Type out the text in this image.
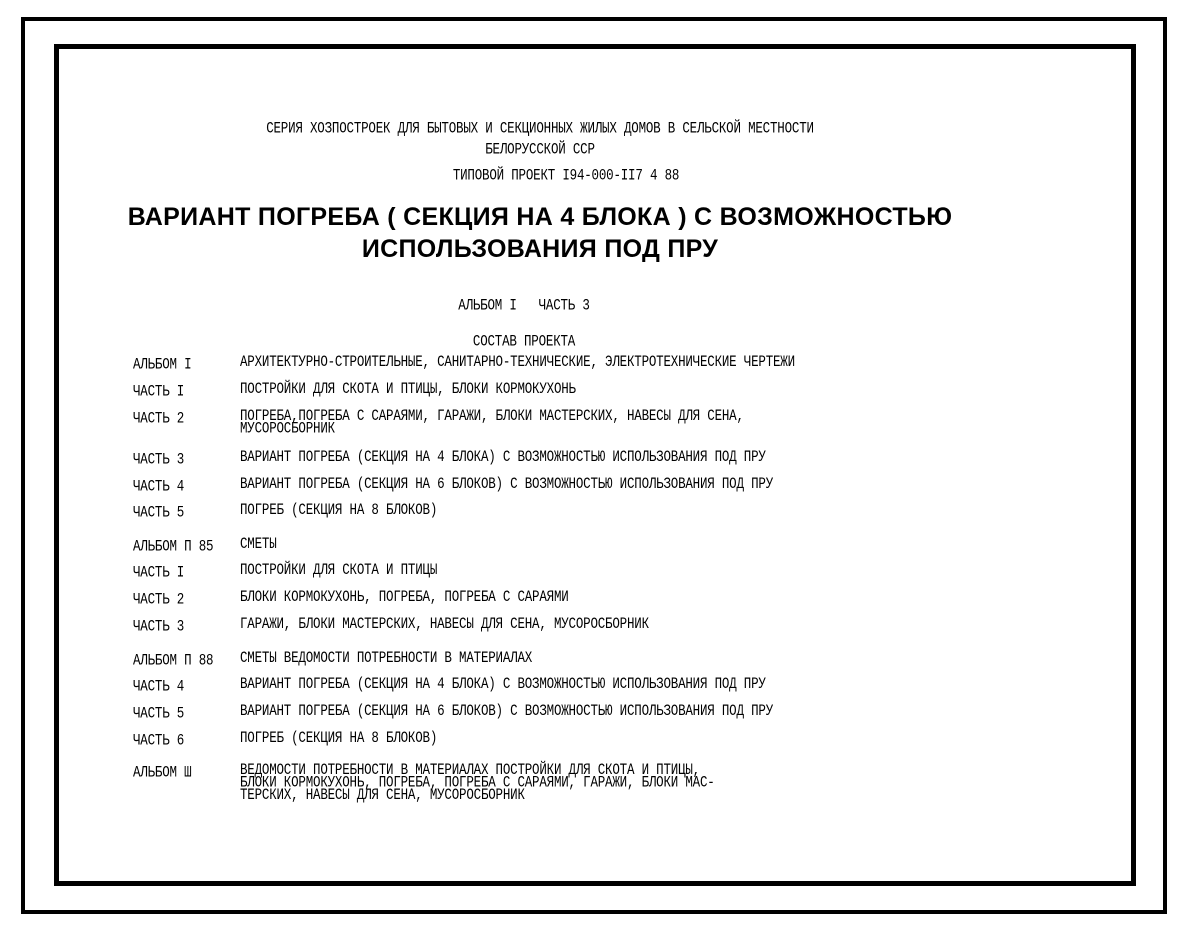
СЕРИЯ ХОЗПОСТРОЕК ДЛЯ БЫТОВЫХ И СЕКЦИОННЫХ ЖИЛЫХ ДОМОВ В СЕЛЬСКОЙ МЕСТНОСТИ
БЕЛОРУССКОЙ ССР
ТИПОВОЙ ПРОЕКТ I94-000-II7 4 88
ВАРИАНТ ПОГРЕБА ( СЕКЦИЯ НА 4 БЛОКА ) С ВОЗМОЖНОСТЬЮ
ИСПОЛЬЗОВАНИЯ ПОД ПРУ
АЛЬБОМ I   ЧАСТЬ 3
СОСТАВ ПРОЕКТА
АЛЬБОМ I	АРХИТЕКТУРНО-СТРОИТЕЛЬНЫЕ, САНИТАРНО-ТЕХНИЧЕСКИЕ, ЭЛЕКТРОТЕХНИЧЕСКИЕ ЧЕРТЕЖИ
ЧАСТЬ I	ПОСТРОЙКИ ДЛЯ СКОТА И ПТИЦЫ, БЛОКИ КОРМОКУХОНЬ
ЧАСТЬ 2	ПОГРЕБА,ПОГРЕБА С САРАЯМИ, ГАРАЖИ, БЛОКИ МАСТЕРСКИХ, НАВЕСЫ ДЛЯ СЕНА,
МУСОРОСБОРНИК
ЧАСТЬ 3	ВАРИАНТ ПОГРЕБА (СЕКЦИЯ НА 4 БЛОКА) С ВОЗМОЖНОСТЬЮ ИСПОЛЬЗОВАНИЯ ПОД ПРУ
ЧАСТЬ 4	ВАРИАНТ ПОГРЕБА (СЕКЦИЯ НА 6 БЛОКОВ) С ВОЗМОЖНОСТЬЮ ИСПОЛЬЗОВАНИЯ ПОД ПРУ
ЧАСТЬ 5	ПОГРЕБ (СЕКЦИЯ НА 8 БЛОКОВ)
АЛЬБОМ П 85 СМЕТЫ
ЧАСТЬ I	ПОСТРОЙКИ ДЛЯ СКОТА И ПТИЦЫ
ЧАСТЬ 2	БЛОКИ КОРМОКУХОНЬ, ПОГРЕБА, ПОГРЕБА С САРАЯМИ
ЧАСТЬ 3	ГАРАЖИ, БЛОКИ МАСТЕРСКИХ, НАВЕСЫ ДЛЯ СЕНА, МУСОРОСБОРНИК
АЛЬБОМ П 88 СМЕТЫ ВЕДОМОСТИ ПОТРЕБНОСТИ В МАТЕРИАЛАХ
ЧАСТЬ 4	ВАРИАНТ ПОГРЕБА (СЕКЦИЯ НА 4 БЛОКА) С ВОЗМОЖНОСТЬЮ ИСПОЛЬЗОВАНИЯ ПОД ПРУ
ЧАСТЬ 5	ВАРИАНТ ПОГРЕБА (СЕКЦИЯ НА 6 БЛОКОВ) С ВОЗМОЖНОСТЬЮ ИСПОЛЬЗОВАНИЯ ПОД ПРУ
ЧАСТЬ 6	ПОГРЕБ (СЕКЦИЯ НА 8 БЛОКОВ)
АЛЬБОМ Ш	ВЕДОМОСТИ ПОТРЕБНОСТИ В МАТЕРИАЛАХ ПОСТРОЙКИ ДЛЯ СКОТА И ПТИЦЫ,
БЛОКИ КОРМОКУХОНЬ, ПОГРЕБА, ПОГРЕБА С САРАЯМИ, ГАРАЖИ, БЛОКИ МАС-
ТЕРСКИХ, НАВЕСЫ ДЛЯ СЕНА, МУСОРОСБОРНИК
